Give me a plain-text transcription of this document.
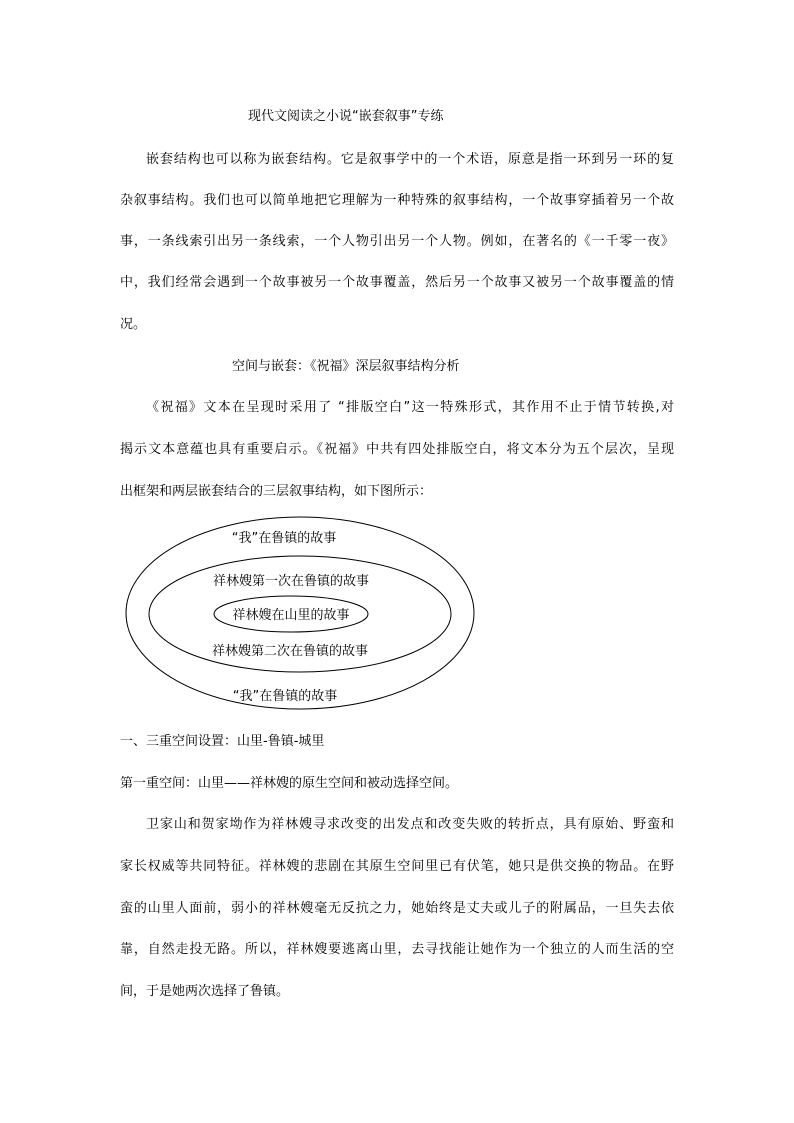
现代文阅读之小说“嵌套叙事”专练
嵌套结构也可以称为嵌套结构。它是叙事学中的一个术语，原意是指一环到另一环的复
杂叙事结构。我们也可以简单地把它理解为一种特殊的叙事结构，一个故事穿插着另一个故
事，一条线索引出另一条线索，一个人物引出另一个人物。例如，在著名的《一千零一夜》
中，我们经常会遇到一个故事被另一个故事覆盖，然后另一个故事又被另一个故事覆盖的情
况。
空间与嵌套：《祝福》深层叙事结构分析
《祝福》文本在呈现时采用了 “排版空白”这一特殊形式，其作用不止于情节转换,对
揭示文本意蕴也具有重要启示。《祝福》中共有四处排版空白，将文本分为五个层次，呈现
出框架和两层嵌套结合的三层叙事结构，如下图所示：
“我”在鲁镇的故事
祥林嫂第一次在鲁镇的故事
祥林嫂在山里的故事
祥林嫂第二次在鲁镇的故事
“我”在鲁镇的故事
一、三重空间设置：山里-鲁镇-城里
第一重空间：山里——祥林嫂的原生空间和被动选择空间。
卫家山和贺家坳作为祥林嫂寻求改变的出发点和改变失败的转折点，具有原始、野蛮和
家长权威等共同特征。祥林嫂的悲剧在其原生空间里已有伏笔，她只是供交换的物品。在野
蛮的山里人面前，弱小的祥林嫂毫无反抗之力，她始终是丈夫或儿子的附属品，一旦失去依
靠，自然走投无路。所以，祥林嫂要逃离山里，去寻找能让她作为一个独立的人而生活的空
间，于是她两次选择了鲁镇。
